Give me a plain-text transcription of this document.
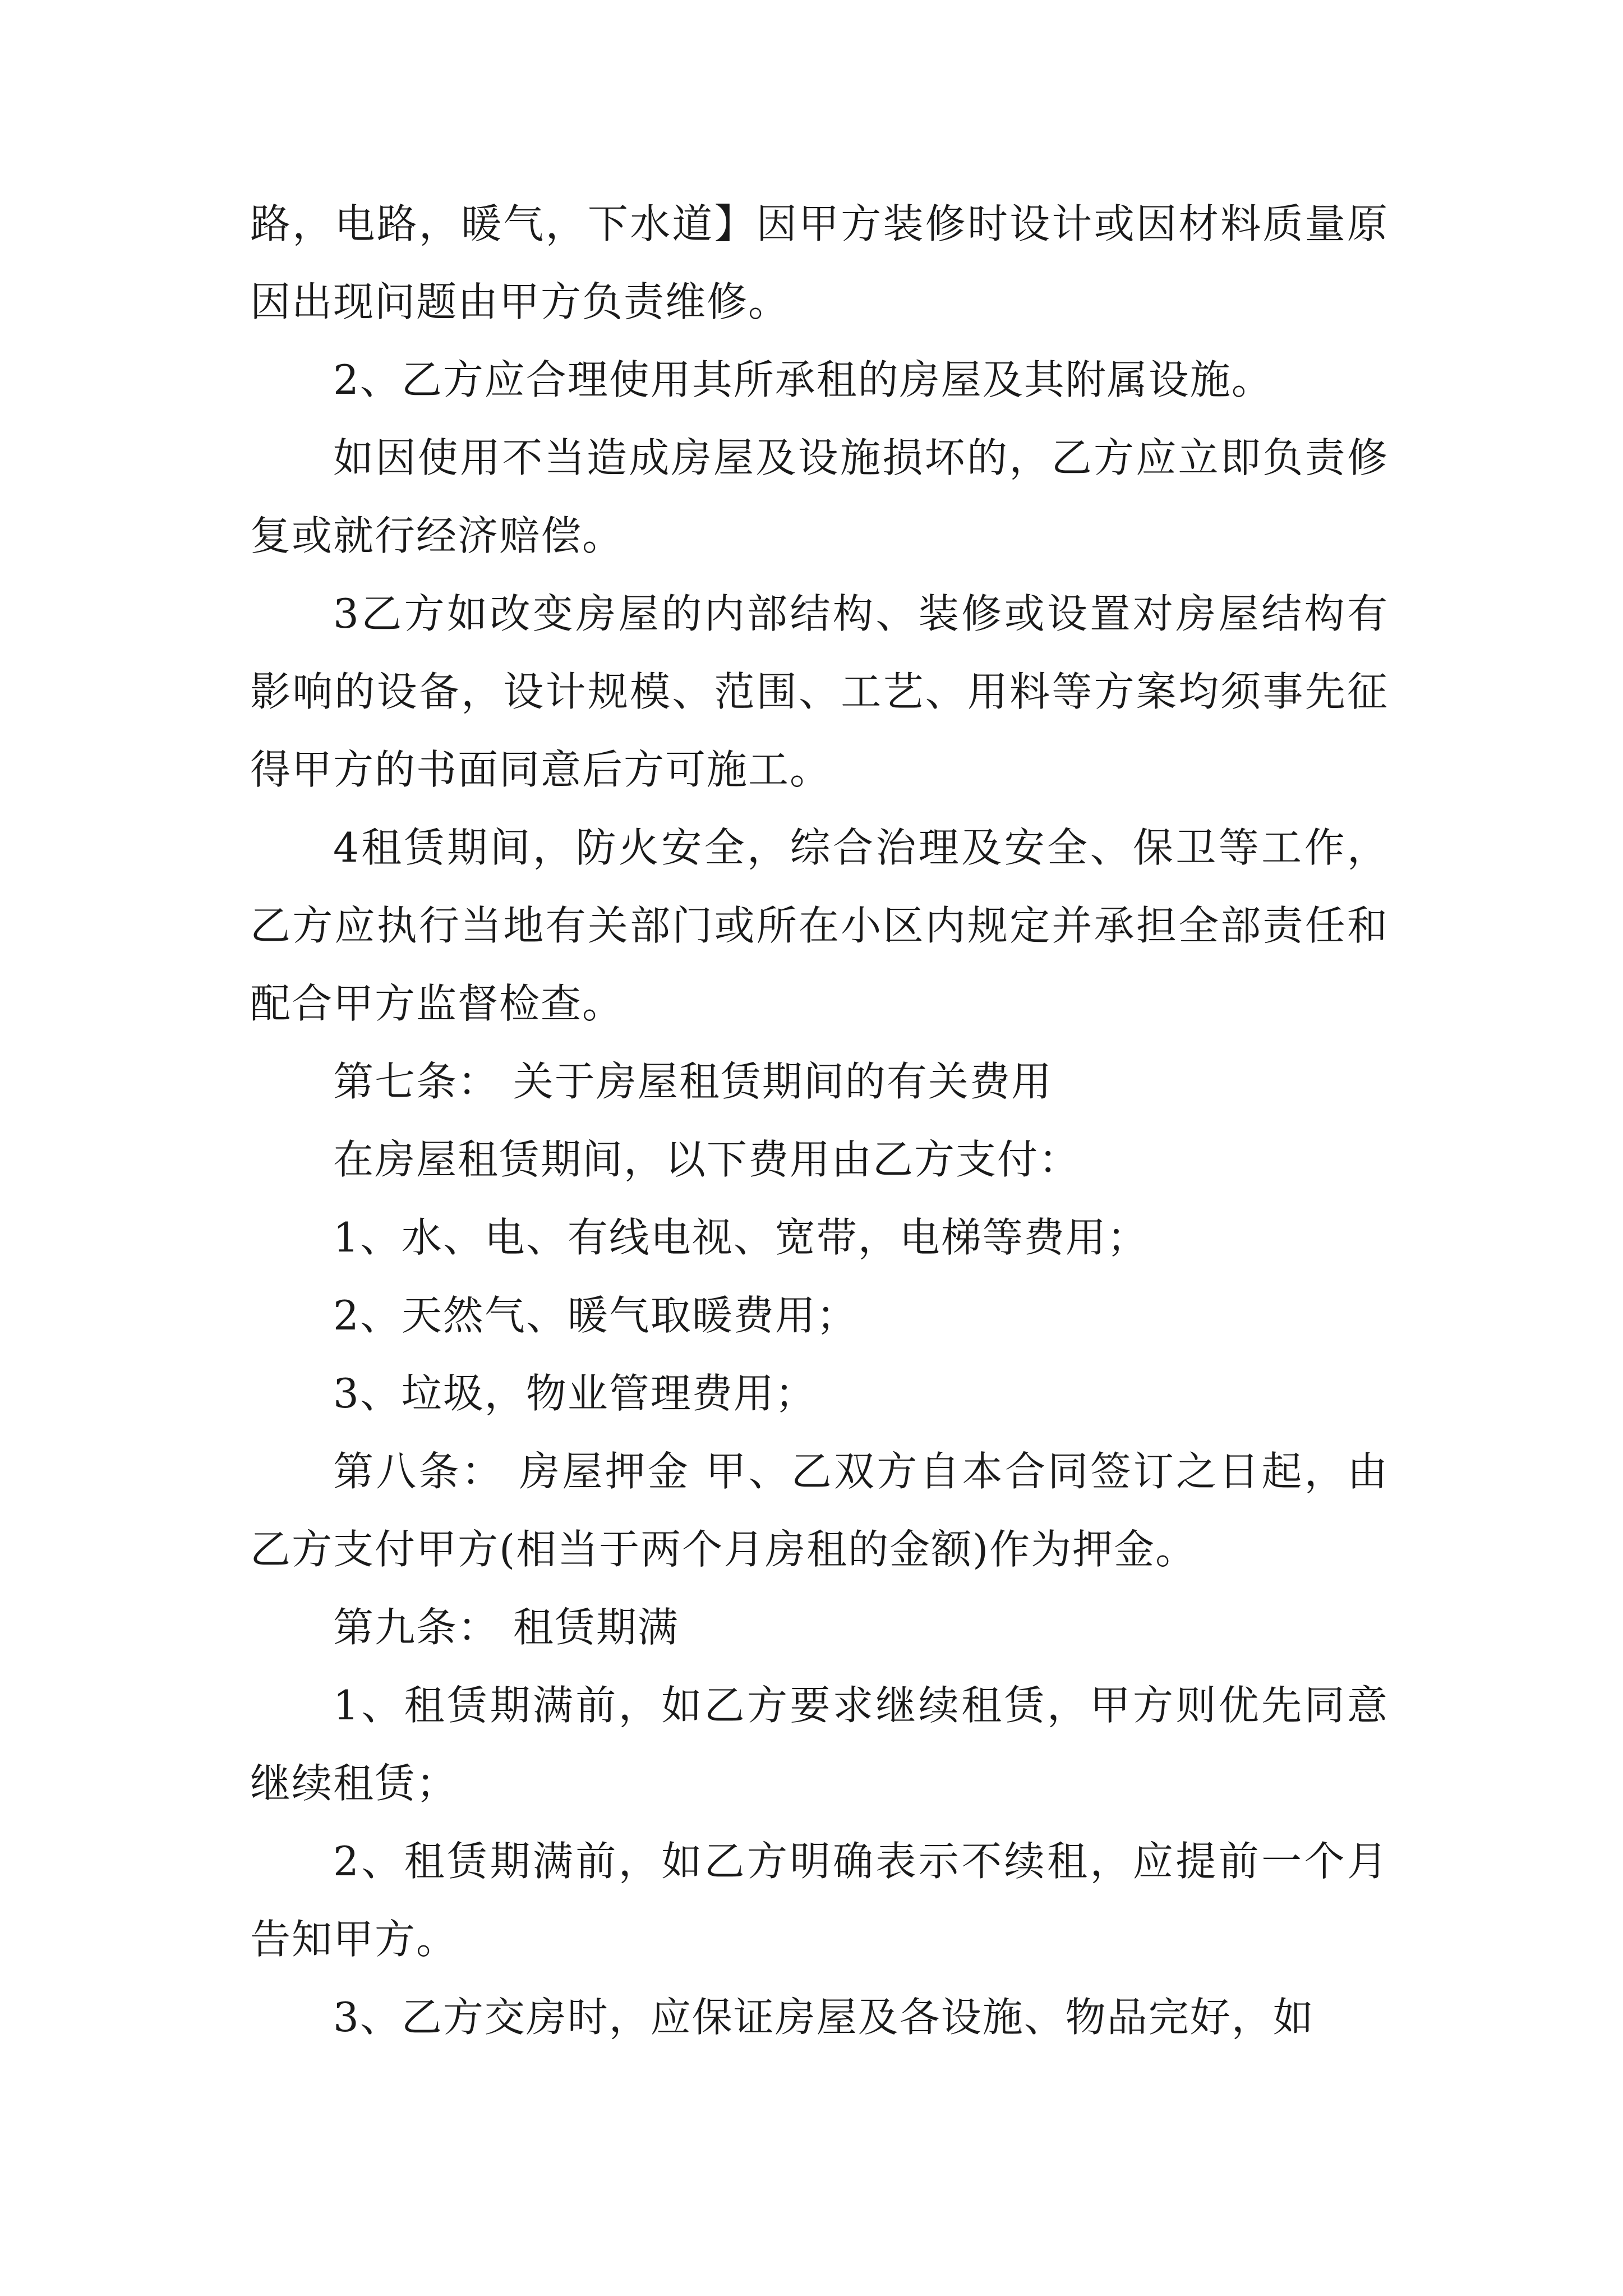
路，电路，暖气，下水道】因甲方装修时设计或因材料质量原因出现问题由甲方负责维修。

2、乙方应合理使用其所承租的房屋及其附属设施。

如因使用不当造成房屋及设施损坏的，乙方应立即负责修复或就行经济赔偿。

3乙方如改变房屋的内部结构、装修或设置对房屋结构有影响的设备，设计规模、范围、工艺、用料等方案均须事先征得甲方的书面同意后方可施工。

4租赁期间，防火安全，综合治理及安全、保卫等工作，乙方应执行当地有关部门或所在小区内规定并承担全部责任和配合甲方监督检查。

第七条： 关于房屋租赁期间的有关费用

在房屋租赁期间，以下费用由乙方支付：

1、水、电、有线电视、宽带，电梯等费用；

2、天然气、暖气取暖费用；

3、垃圾，物业管理费用；

第八条： 房屋押金 甲、乙双方自本合同签订之日起，由乙方支付甲方(相当于两个月房租的金额)作为押金。

第九条： 租赁期满

1、租赁期满前，如乙方要求继续租赁，甲方则优先同意继续租赁；

2、租赁期满前，如乙方明确表示不续租，应提前一个月告知甲方。

3、乙方交房时，应保证房屋及各设施、物品完好，如
